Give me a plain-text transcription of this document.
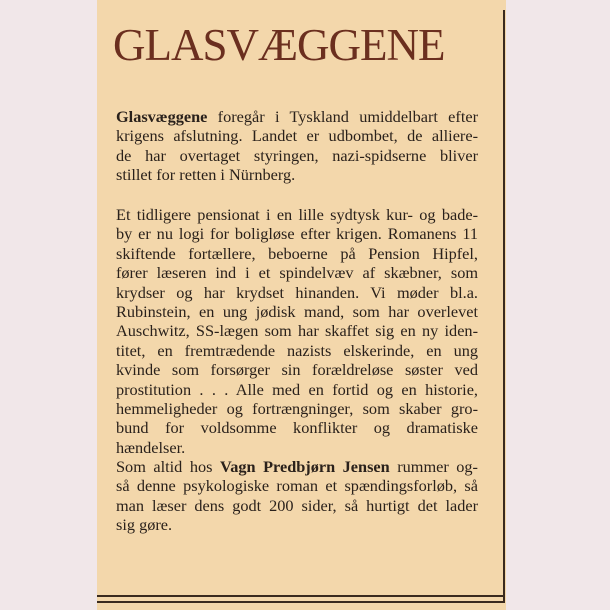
GLASVÆGGENE
Glasvæggene foregår i Tyskland umiddelbart efter
krigens afslutning. Landet er udbombet, de alliere-
de har overtaget styringen, nazi-spidserne bliver
stillet for retten i Nürnberg.
Et tidligere pensionat i en lille sydtysk kur- og bade-
by er nu logi for boligløse efter krigen. Romanens 11
skiftende fortællere, beboerne på Pension Hipfel,
fører læseren ind i et spindelvæv af skæbner, som
krydser og har krydset hinanden. Vi møder bl.a.
Rubinstein, en ung jødisk mand, som har overlevet
Auschwitz, SS-lægen som har skaffet sig en ny iden-
titet, en fremtrædende nazists elskerinde, en ung
kvinde som forsørger sin forældreløse søster ved
prostitution . . . Alle med en fortid og en historie,
hemmeligheder og fortrængninger, som skaber gro-
bund for voldsomme konflikter og dramatiske
hændelser.
Som altid hos Vagn Predbjørn Jensen rummer og-
så denne psykologiske roman et spændingsforløb, så
man læser dens godt 200 sider, så hurtigt det lader
sig gøre.
